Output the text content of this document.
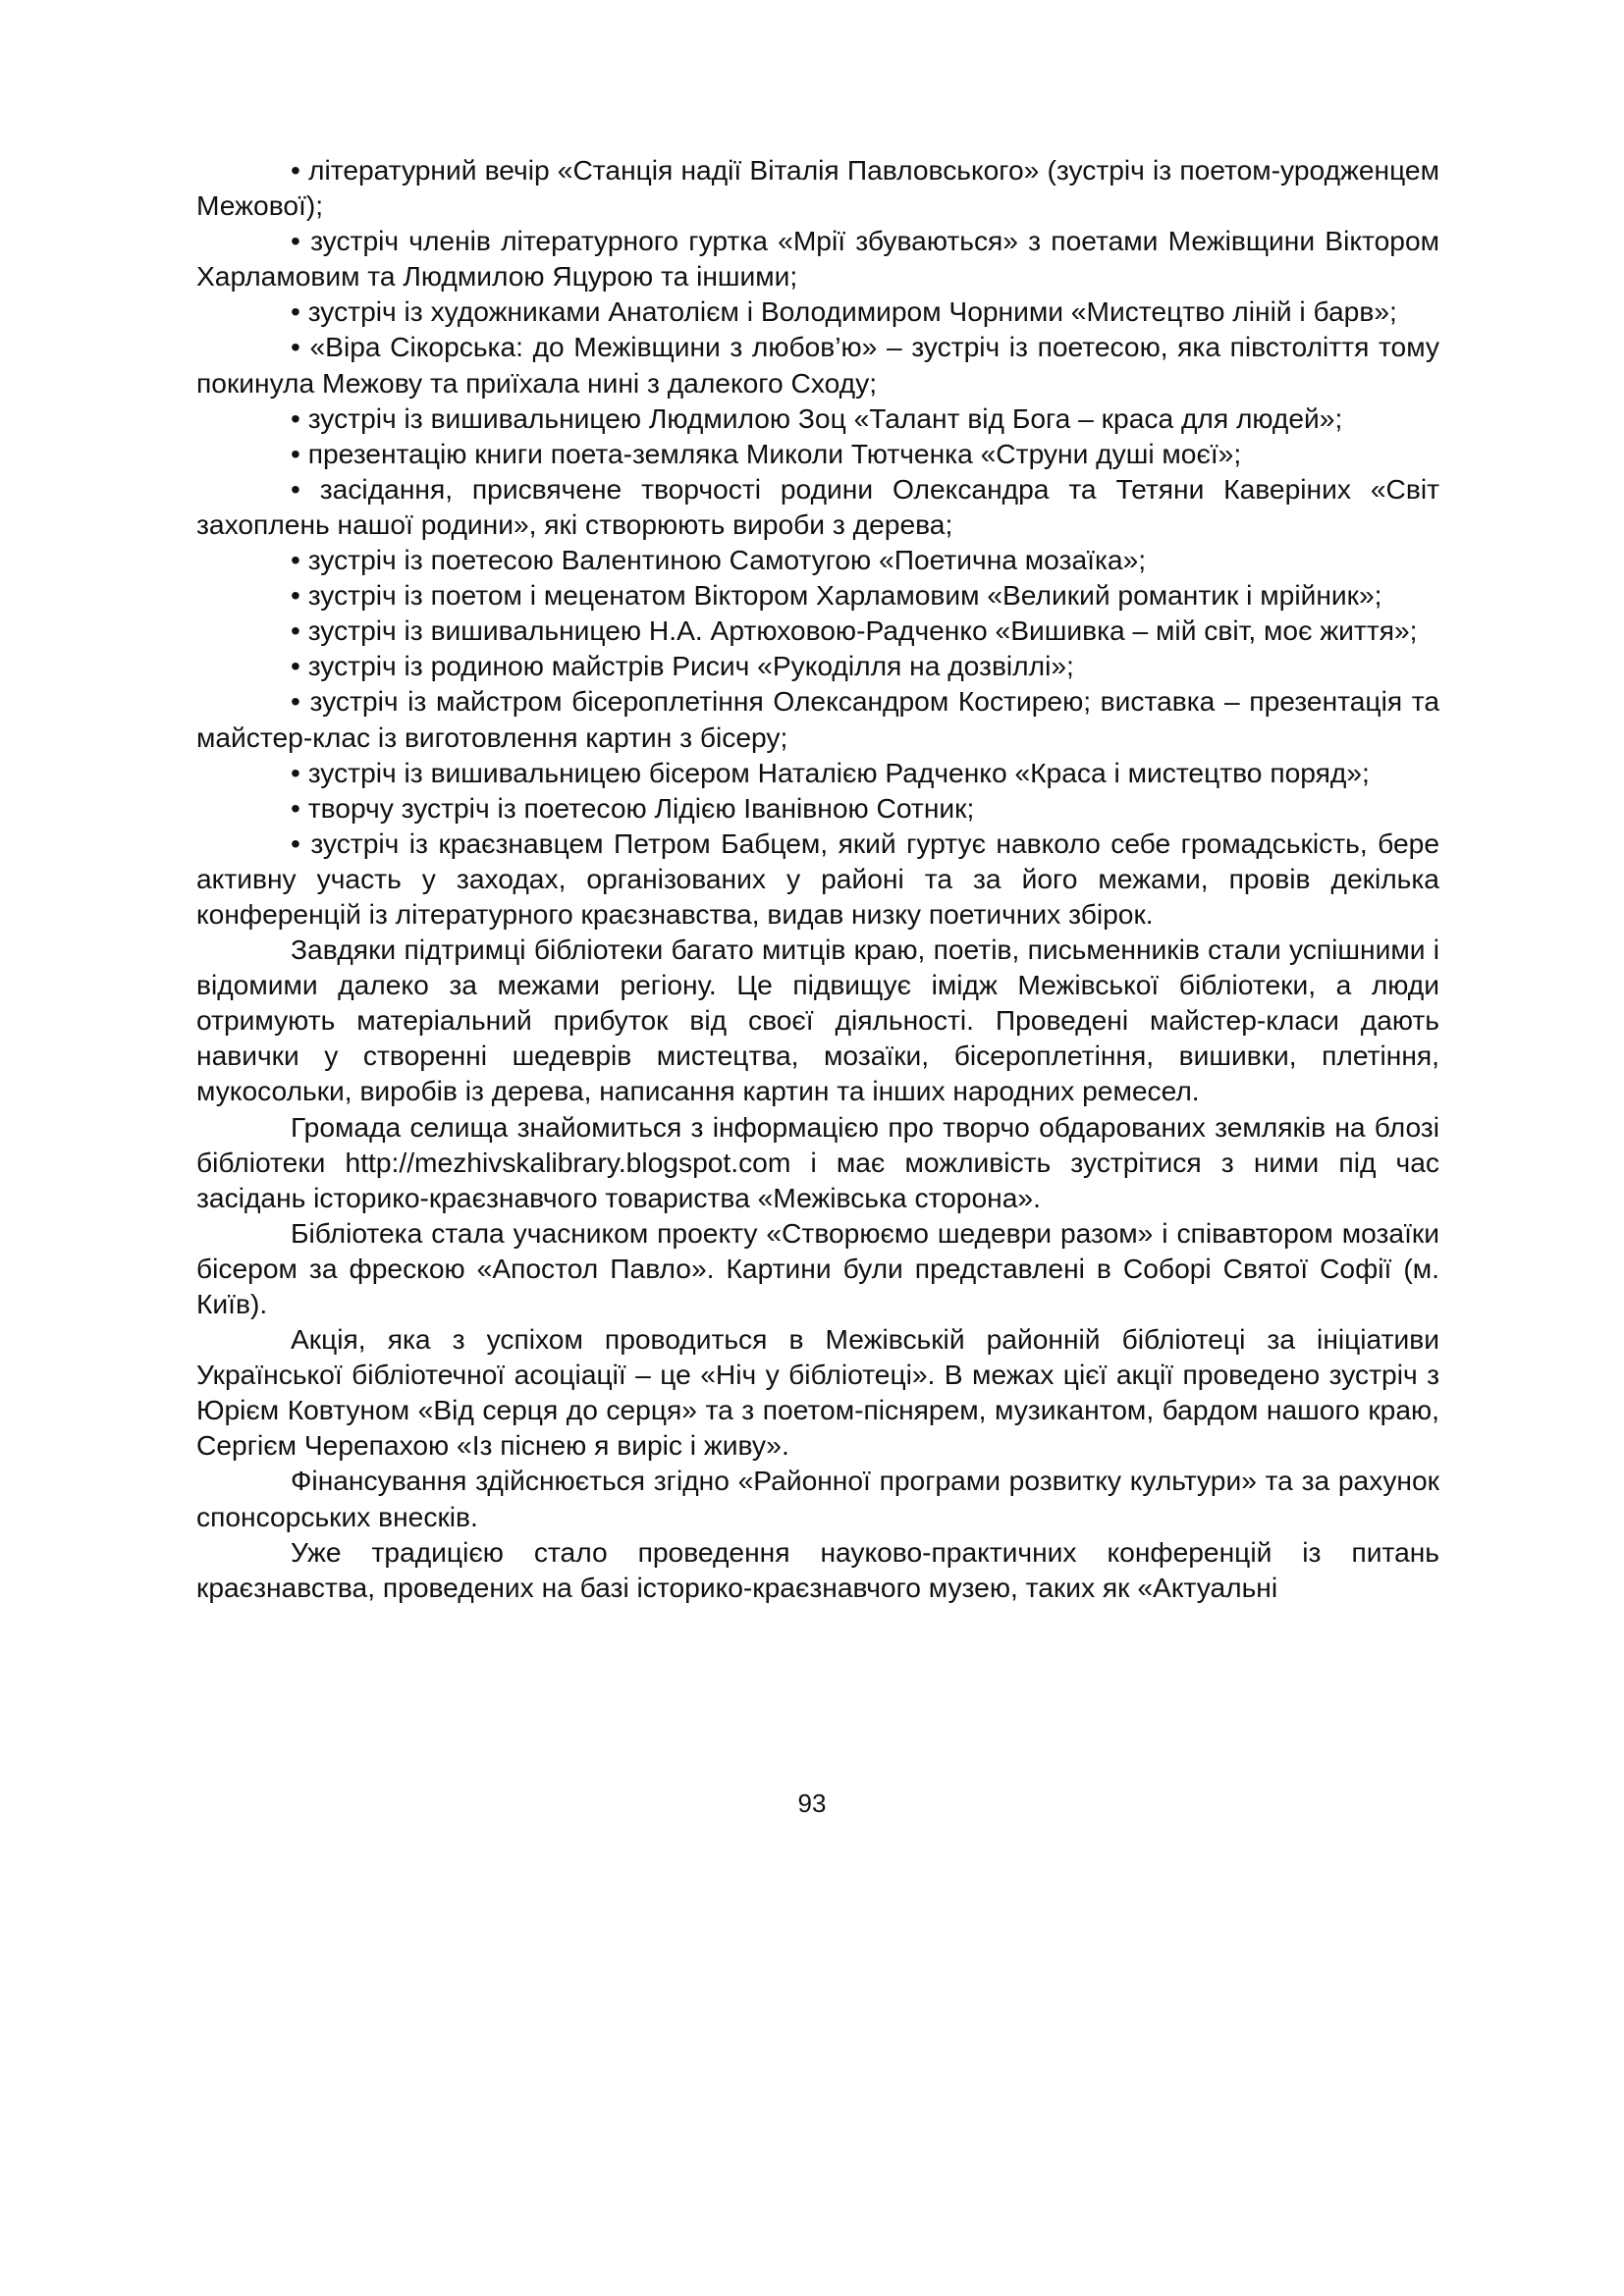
• літературний вечір «Станція надії Віталія Павловського» (зустріч із поетом-уродженцем Межової);
• зустріч членів літературного гуртка «Мрії збуваються» з поетами Межівщини Віктором Харламовим та Людмилою Яцурою та іншими;
• зустріч із художниками Анатолієм і Володимиром Чорними «Мистецтво ліній і барв»;
• «Віра Сікорська: до Межівщини з любов’ю» – зустріч із поетесою, яка півстоліття тому покинула Межову та приїхала нині з далекого Сходу;
• зустріч із вишивальницею Людмилою Зоц «Талант від Бога – краса для людей»;
• презентацію книги поета-земляка Миколи Тютченка «Струни душі моєї»;
• засідання, присвячене творчості родини Олександра та Тетяни Каверіних «Світ захоплень нашої родини», які створюють вироби з дерева;
• зустріч із поетесою Валентиною Самотугою «Поетична мозаїка»;
• зустріч із поетом і меценатом Віктором Харламовим «Великий романтик і мрійник»;
• зустріч із вишивальницею Н.А. Артюховою-Радченко «Вишивка – мій світ, моє життя»;
• зустріч із родиною майстрів Рисич «Рукоділля на дозвіллі»;
• зустріч із майстром бісероплетіння Олександром Костирею; виставка – презентація та майстер-клас із виготовлення картин з бісеру;
• зустріч із вишивальницею бісером Наталією Радченко «Краса і мистецтво поряд»;
• творчу зустріч із поетесою Лідією Іванівною Сотник;
• зустріч із краєзнавцем Петром Бабцем, який гуртує навколо себе громадськість, бере активну участь у заходах, організованих у районі та за його межами, провів декілька конференцій із літературного краєзнавства, видав низку поетичних збірок.

Завдяки підтримці бібліотеки багато митців краю, поетів, письменників стали успішними і відомими далеко за межами регіону. Це підвищує імідж Межівської бібліотеки, а люди отримують матеріальний прибуток від своєї діяльності. Проведені майстер-класи дають навички у створенні шедеврів мистецтва, мозаїки, бісероплетіння, вишивки, плетіння, мукосольки, виробів із дерева, написання картин та інших народних ремесел.

Громада селища знайомиться з інформацією про творчо обдарованих земляків на блозі бібліотеки http://mezhivskalibrary.blogspot.com і має можливість зустрітися з ними під час засідань історико-краєзнавчого товариства «Межівська сторона».

Бібліотека стала учасником проекту «Створюємо шедеври разом» і співавтором мозаїки бісером за фрескою «Апостол Павло». Картини були представлені в Соборі Святої Софії (м. Київ).

Акція, яка з успіхом проводиться в Межівській районній бібліотеці за ініціативи Української бібліотечної асоціації – це «Ніч у бібліотеці». В межах цієї акції проведено зустріч з Юрієм Ковтуном «Від серця до серця» та з поетом-піснярем, музикантом, бардом нашого краю, Сергієм Черепахою «Із піснею я виріс і живу».

Фінансування здійснюється згідно «Районної програми розвитку культури» та за рахунок спонсорських внесків.

Уже традицією стало проведення науково-практичних конференцій із питань краєзнавства, проведених на базі історико-краєзнавчого музею, таких як «Актуальні

93
